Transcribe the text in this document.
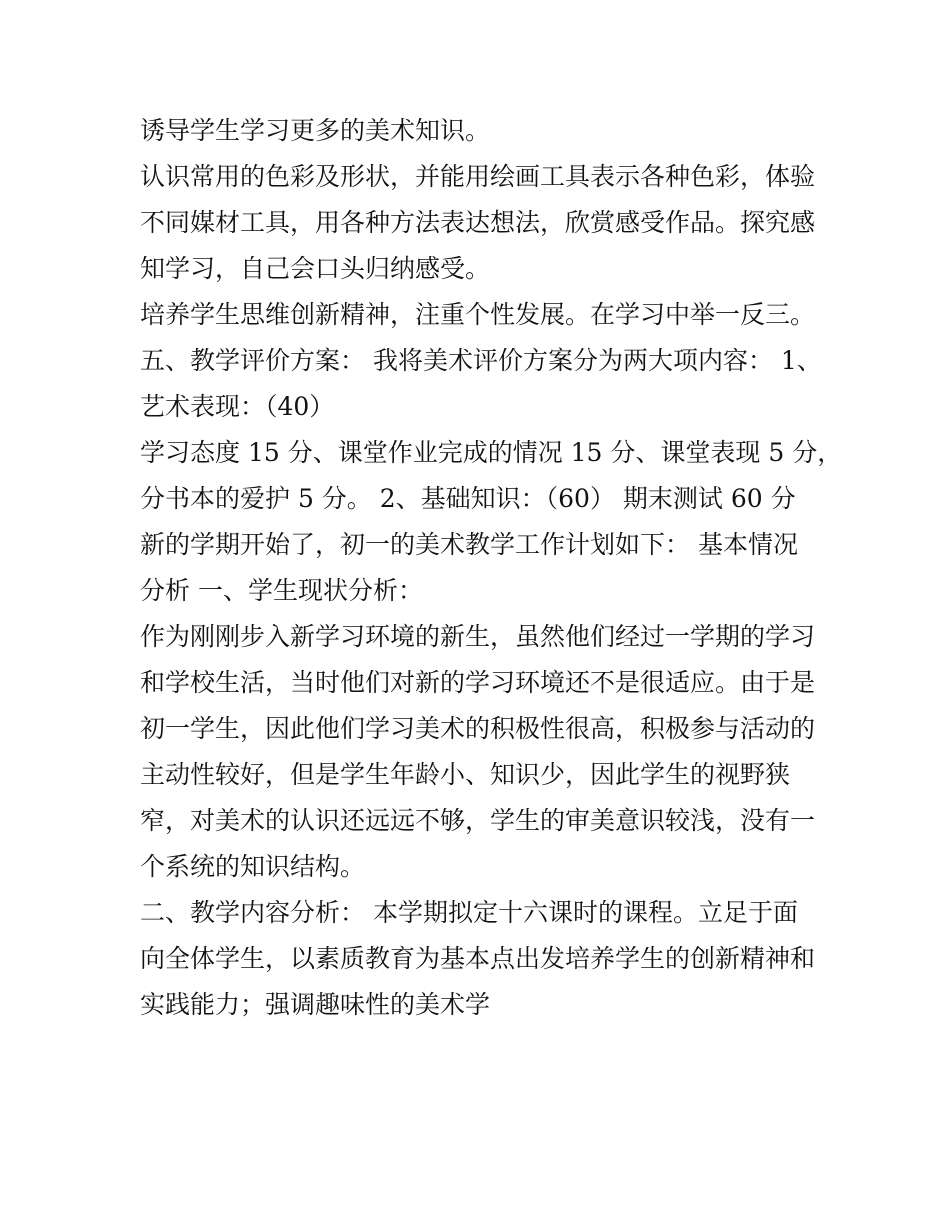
诱导学生学习更多的美术知识。
认识常用的色彩及形状，并能用绘画工具表示各种色彩，体验
不同媒材工具，用各种方法表达想法，欣赏感受作品。探究感
知学习，自己会口头归纳感受。
培养学生思维创新精神，注重个性发展。在学习中举一反三。
五、教学评价方案： 我将美术评价方案分为两大项内容： 1、
艺术表现：（40）
学习态度 15 分、课堂作业完成的情况 15 分、课堂表现 5 分，
分书本的爱护 5 分。 2、基础知识：（60） 期末测试 60 分
新的学期开始了，初一的美术教学工作计划如下： 基本情况
分析 一、学生现状分析：
作为刚刚步入新学习环境的新生，虽然他们经过一学期的学习
和学校生活，当时他们对新的学习环境还不是很适应。由于是
初一学生，因此他们学习美术的积极性很高，积极参与活动的
主动性较好，但是学生年龄小、知识少，因此学生的视野狭
窄，对美术的认识还远远不够，学生的审美意识较浅，没有一
个系统的知识结构。
二、教学内容分析： 本学期拟定十六课时的课程。立足于面
向全体学生，以素质教育为基本点出发培养学生的创新精神和
实践能力；强调趣味性的美术学
